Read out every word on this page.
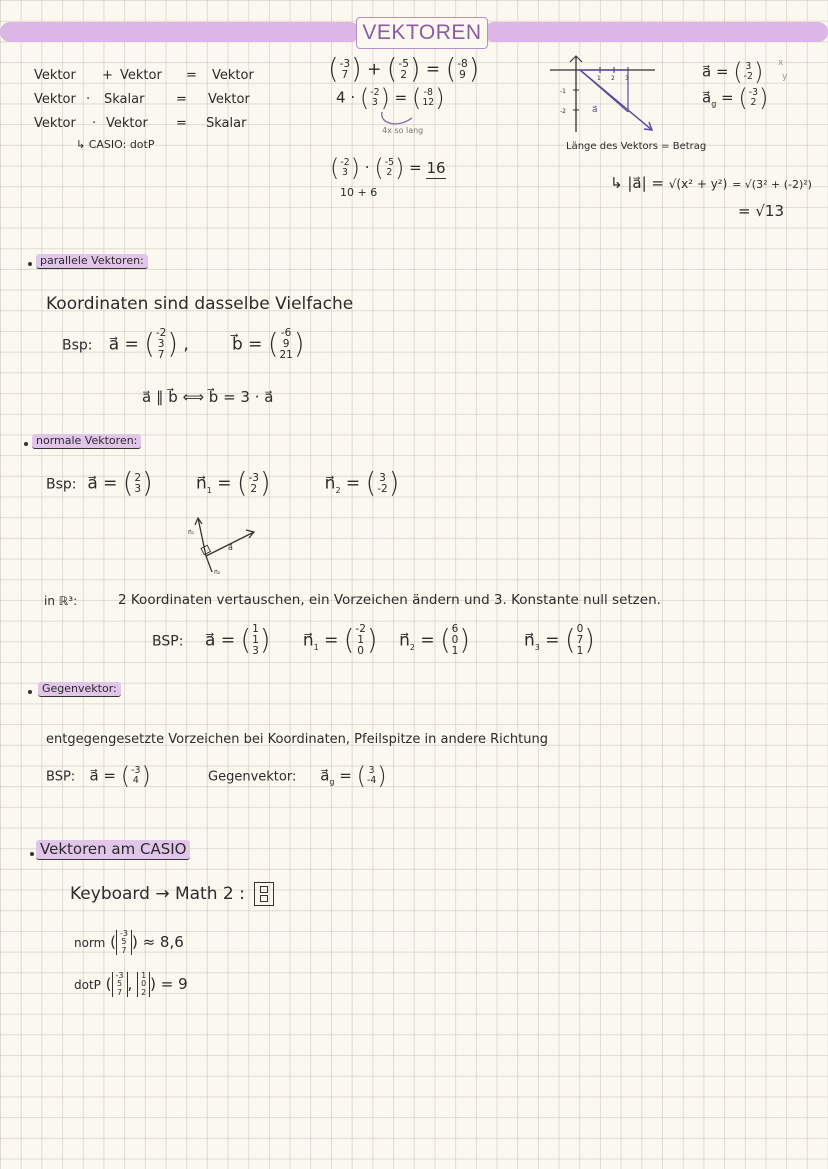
VEKTOREN
Vektor + Vektor = Vektor
Vektor · Skalar = Vektor
Vektor · Vektor = Skalar
↳ CASIO: dotP
( -3
7 ) + ( -5
2 ) = ( -8
9 )
4 · ( -2
3 ) = ( -8
12 )
4x so lang
( -2
3 ) · ( -5
2 ) = 16
10 + 6
1 2 3
-1
-2	a⃗
a⃗ = ( 3
-2 ) x
y
$a⃗_g$ = ( -3
2 )
Länge des Vektors = Betrag
↳ |a⃗| = √(x² + y²) = √(3² + (-2)²)
= √13
parallele Vektoren:
Koordinaten sind dasselbe Vielfache
Bsp:   a⃗ = ( -2
3
7 ) ,        b⃗ = ( -6
9
21 )
a⃗ ∥ b⃗ ⟺ b⃗ = 3 · a⃗
normale Vektoren:
Bsp:  a⃗ = ( 2
3 ) $n⃗_1$ = ( -3
2 ) $n⃗_2$ = ( 3
-2 )
a⃗
n⃗₁
n⃗₂
in ℝ³:	2 Koordinaten vertauschen, ein Vorzeichen ändern und 3. Konstante null setzen.
BSP:    a⃗ = ( 1
1
3 ) $n⃗_1$ = ( -2
1
0 ) $n⃗_2$ = ( 6
0
1 ) $n⃗_3$ = ( 0
7
1 )
Gegenvektor:
entgegengesetzte Vorzeichen bei Koordinaten, Pfeilspitze in andere Richtung
BSP:   a⃗ = ( -3
4 )	Gegenvektor:     $a⃗_g$ = ( 3
-4 )
Vektoren am CASIO
Keyboard → Math 2 :
norm ( -3
5
7 ) ≈ 8,6
dotP ( -3
5
7 , 1
0
2 ) = 9
